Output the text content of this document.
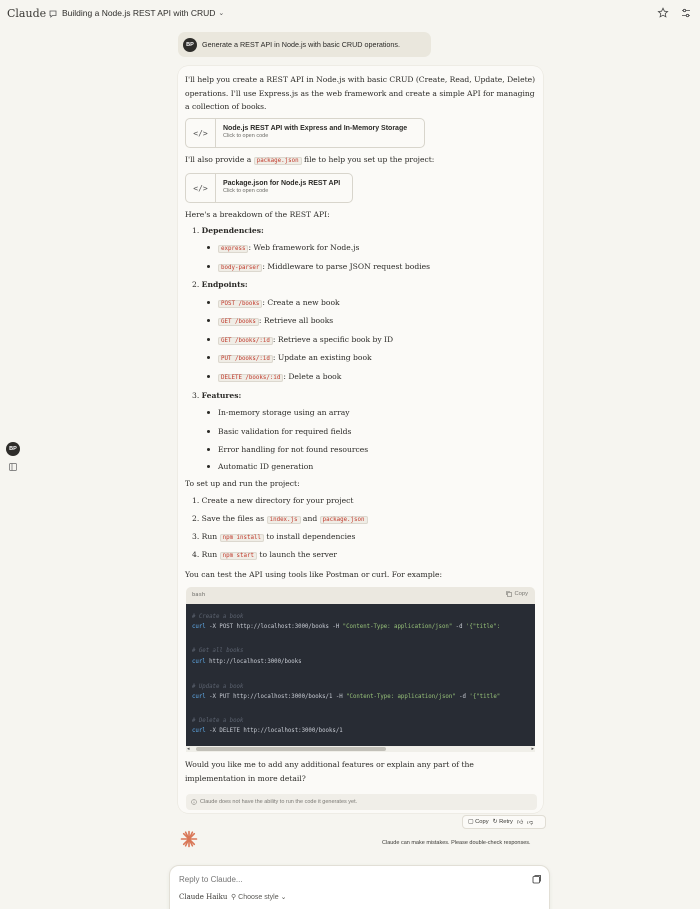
Claude Building a Node.js REST API with CRUD ⌄
BP
BP	Generate a REST API in Node.js with basic CRUD operations.
I'll help you create a REST API in Node.js with basic CRUD (Create, Read, Update, Delete)
operations. I'll use Express.js as the web framework and create a simple API for managing
a collection of books.
</>	Node.js REST API with Express and In-Memory Storage
Click to open code
I'll also provide a package.json file to help you set up the project:
</>	Package.json for Node.js REST API
Click to open code
Here's a breakdown of the REST API:
1. Dependencies:
express : Web framework for Node.js
body-parser : Middleware to parse JSON request bodies
2. Endpoints:
POST /books : Create a new book
GET /books : Retrieve all books
GET /books/:id : Retrieve a specific book by ID
PUT /books/:id : Update an existing book
DELETE /books/:id : Delete a book
3. Features:
In-memory storage using an array
Basic validation for required fields
Error handling for not found resources
Automatic ID generation
To set up and run the project:
1. Create a new directory for your project
2. Save the files as index.js and package.json
3. Run npm install to install dependencies
4. Run npm start to launch the server
You can test the API using tools like Postman or curl. For example:
bash	Copy
# Create a book
curl -X POST http://localhost:3000/books -H "Content-Type: application/json" -d '{"title":
# Get all books
curl http://localhost:3000/books
# Update a book
curl -X PUT http://localhost:3000/books/1 -H "Content-Type: application/json" -d '{"title"
# Delete a book
curl -X DELETE http://localhost:3000/books/1
◂	▸
Would you like me to add any additional features or explain any part of the
implementation in more detail?
Claude does not have the ability to run the code it generates yet.
▢ Copy ↻ Retry 👍︎ 👎︎
Claude can make mistakes. Please double-check responses.
Reply to Claude...
Claude Haiku ⚲ Choose style ⌄
